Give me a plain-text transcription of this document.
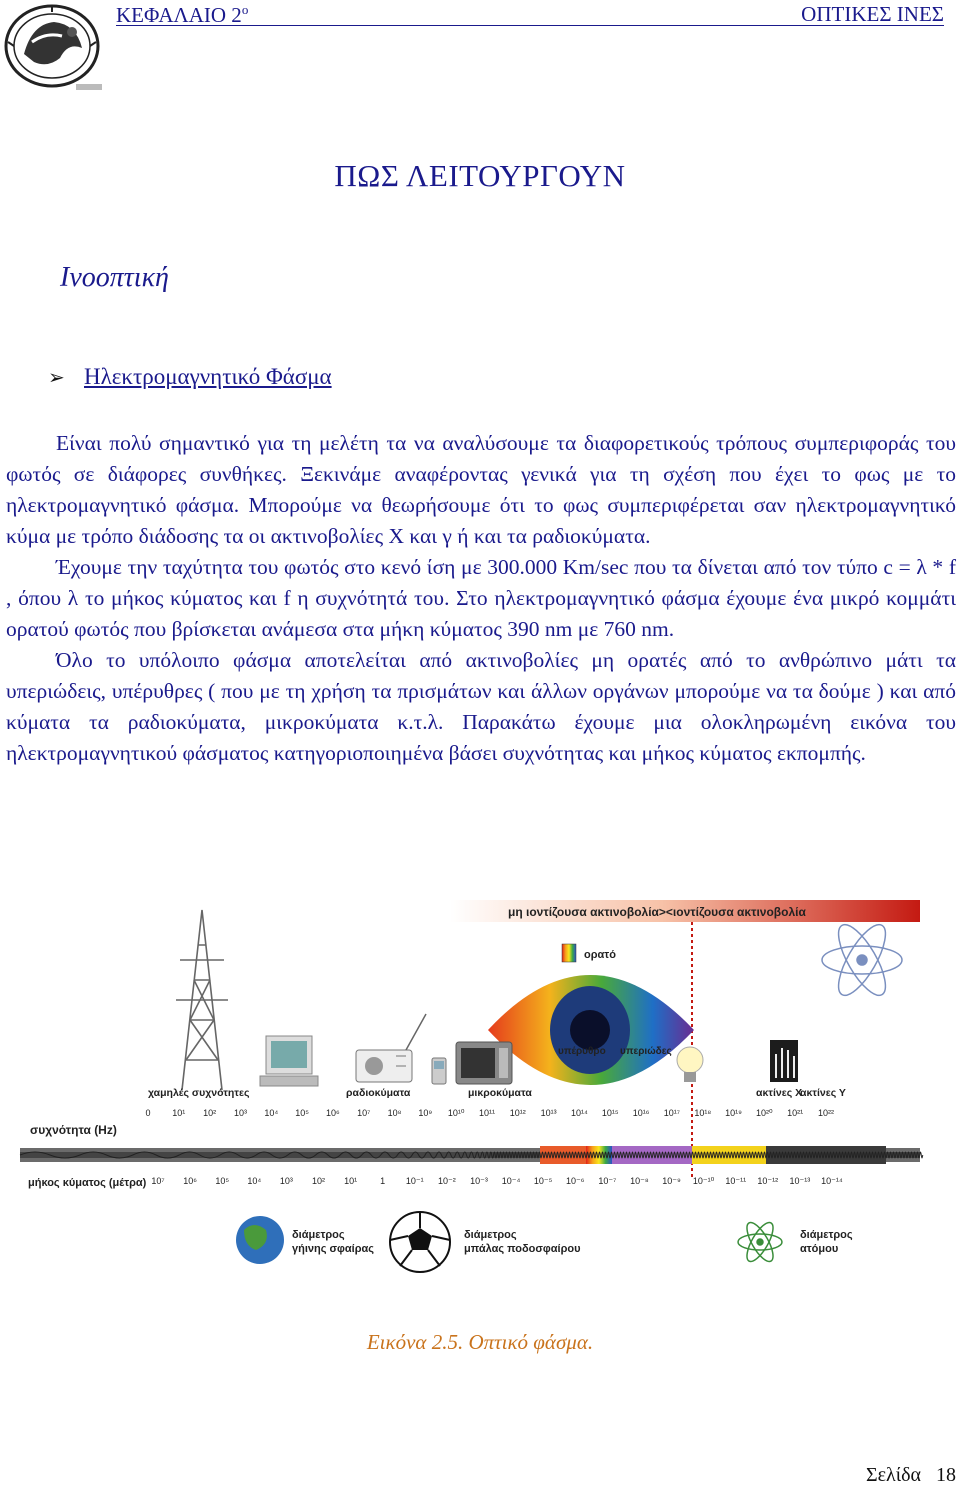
ΚΕΦΑΛΑΙΟ $2^o$	ΟΠΤΙΚΕΣ ΙΝΕΣ
ΠΩΣ ΛΕΙΤΟΥΡΓΟΥΝ
Ινοοπτική
➢ Ηλεκτρομαγνητικό Φάσμα

Είναι πολύ σημαντικό για τη μελέτη τα να αναλύσουμε τα διαφορετικούς τρόπους συμπεριφοράς του φωτός σε διάφορες συνθήκες. Ξεκινάμε αναφέροντας γενικά για τη σχέση που έχει το φως με το ηλεκτρομαγνητικό φάσμα. Μπορούμε να θεωρήσουμε ότι το φως συμπεριφέρεται σαν ηλεκτρομαγνητικό κύμα με τρόπο διάδοσης τα οι ακτινοβολίες Χ και γ ή και τα ραδιοκύματα.

Έχουμε την ταχύτητα του φωτός στο κενό ίση με 300.000 Km/sec που τα δίνεται από τον τύπο c = λ * f , όπου λ το μήκος κύματος και f η συχνότητά του. Στο ηλεκτρομαγνητικό φάσμα έχουμε ένα μικρό κομμάτι ορατού φωτός που βρίσκεται ανάμεσα στα μήκη κύματος 390 nm με 760 nm.

Όλο το υπόλοιπο φάσμα αποτελείται από ακτινοβολίες μη ορατές από το ανθρώπινο μάτι τα υπεριώδεις, υπέρυθρες ( που με τη χρήση τα πρισμάτων και άλλων οργάνων μπορούμε να τα δούμε ) και από κύματα τα ραδιοκύματα, μικροκύματα κ.τ.λ. Παρακάτω έχουμε μια ολοκληρωμένη εικόνα του ηλεκτρομαγνητικού φάσματος κατηγοριοποιημένα βάσει συχνότητας και μήκος κύματος εκπομπής.

μη ιοντίζουσα ακτινοβολία><ιοντίζουσα ακτινοβολία
ορατό
υπέρυθρο υπεριώδες
χαμηλές συχνότητες	ραδιοκύματα	μικροκύματα	ακτίνες Χ
ακτίνες Υ
συχνότητα (Hz)
μήκος κύματος (μέτρα)
0 10¹ 10² 10³ 10⁴ 10⁵ 10⁶ 10⁷ 10⁸ 10⁹ 10¹⁰ 10¹¹ 10¹² 10¹³ 10¹⁴ 10¹⁵ 10¹⁶ 10¹⁷ 10¹⁸ 10¹⁹ 10²⁰ 10²¹ 10²²
10⁷ 10⁶ 10⁵ 10⁴ 10³ 10² 10¹	1 10⁻¹ 10⁻² 10⁻³ 10⁻⁴ 10⁻⁵ 10⁻⁶ 10⁻⁷ 10⁻⁸ 10⁻⁹ 10⁻¹⁰ 10⁻¹¹ 10⁻¹² 10⁻¹³ 10⁻¹⁴
διάμετρος γήινης σφαίρας
διάμετρος μπάλας ποδοσφαίρου
διάμετρος ατόμου
Εικόνα 2.5. Οπτικό φάσμα.
Σελίδα 18
